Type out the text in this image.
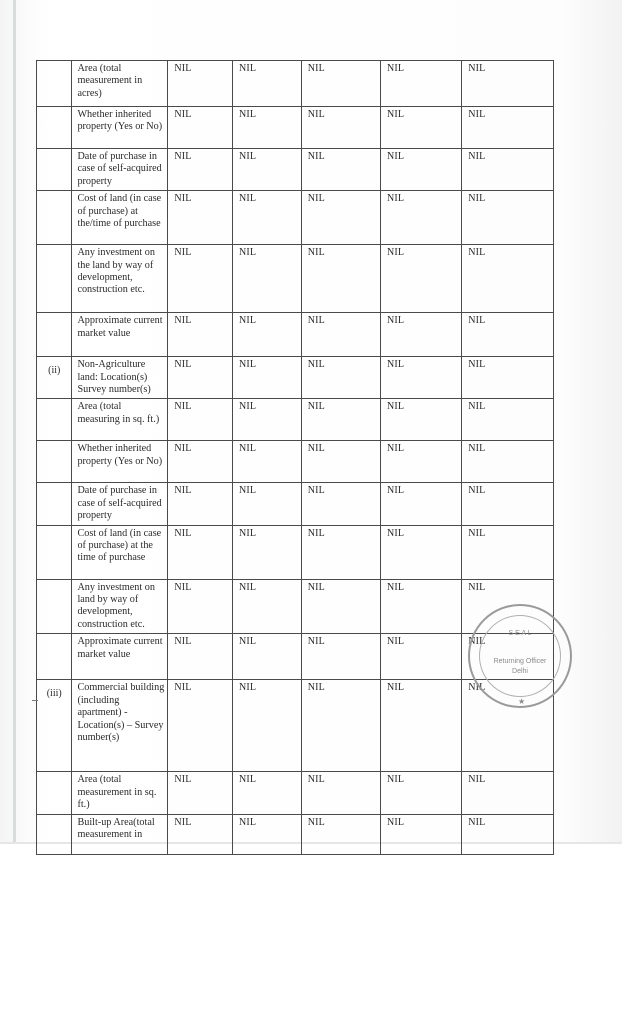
	Area (total measurement in acres)	NIL	NIL	NIL	NIL	NIL
	Whether inherited property (Yes or No)	NIL	NIL	NIL	NIL	NIL
	Date of purchase in case of self-acquired property	NIL	NIL	NIL	NIL	NIL
	Cost of land (in case of purchase) at the/time of purchase	NIL	NIL	NIL	NIL	NIL
	Any investment on the land by way of development, construction etc.	NIL	NIL	NIL	NIL	NIL
	Approximate current market value	NIL	NIL	NIL	NIL	NIL
(ii)	Non-Agriculture land: Location(s) Survey number(s)	NIL	NIL	NIL	NIL	NIL
	Area (total measuring in sq. ft.)	NIL	NIL	NIL	NIL	NIL
	Whether inherited property (Yes or No)	NIL	NIL	NIL	NIL	NIL
	Date of purchase in case of self-acquired property	NIL	NIL	NIL	NIL	NIL
	Cost of land (in case of purchase) at the time of purchase	NIL	NIL	NIL	NIL	NIL
	Any investment on land by way of development, construction etc.	NIL	NIL	NIL	NIL	NIL
	Approximate current market value	NIL	NIL	NIL	NIL	NIL
(iii)	Commercial building (including apartment) -Location(s) – Survey number(s)	NIL	NIL	NIL	NIL	NIL
	Area (total measurement in sq. ft.)	NIL	NIL	NIL	NIL	NIL
	Built-up Area(total measurement in	NIL	NIL	NIL	NIL	NIL
S E A L
Returning Officer
Delhi
★
